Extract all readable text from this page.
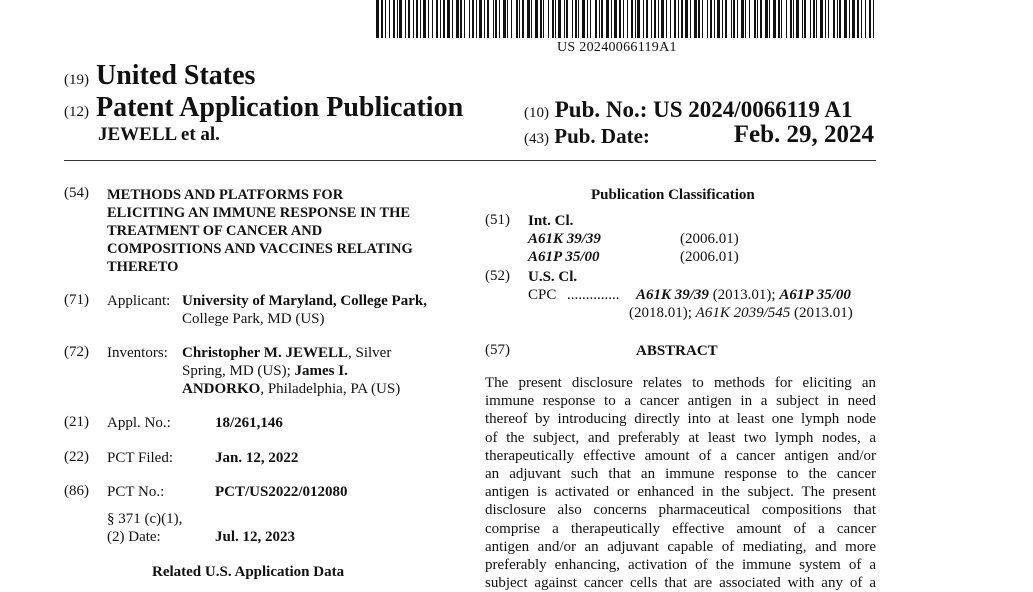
US 20240066119A1
(19) United States
(12) Patent Application Publication
JEWELL et al.
(10) Pub. No.: US 2024/0066119 A1
(43) Pub. Date:	Feb. 29, 2024
(54) METHODS AND PLATFORMS FOR
ELICITING AN IMMUNE RESPONSE IN THE
TREATMENT OF CANCER AND
COMPOSITIONS AND VACCINES RELATING
THERETO
(71) Applicant: University of Maryland, College Park,
College Park, MD (US)
(72) Inventors: Christopher M. JEWELL, Silver
Spring, MD (US); James I.
ANDORKO, Philadelphia, PA (US)
(21) Appl. No.:	18/261,146
(22) PCT Filed:	Jan. 12, 2022
(86) PCT No.:	PCT/US2022/012080
§ 371 (c)(1),
(2) Date:	Jul. 12, 2023
Related U.S. Application Data
Publication Classification
(51) Int. Cl.
A61K 39/39	(2006.01)
A61P 35/00	(2006.01)
(52) U.S. Cl.
CPC .............. A61K 39/39 (2013.01); A61P 35/00
(2018.01); A61K 2039/545 (2013.01)
(57)	ABSTRACT
The present disclosure relates to methods for eliciting an
immune response to a cancer antigen in a subject in need
thereof by introducing directly into at least one lymph node
of the subject, and preferably at least two lymph nodes, a
therapeutically effective amount of a cancer antigen and/or
an adjuvant such that an immune response to the cancer
antigen is activated or enhanced in the subject. The present
disclosure also concerns pharmaceutical compositions that
comprise a therapeutically effective amount of a cancer
antigen and/or an adjuvant capable of mediating, and more
preferably enhancing, activation of the immune system of a
subject against cancer cells that are associated with any of a
